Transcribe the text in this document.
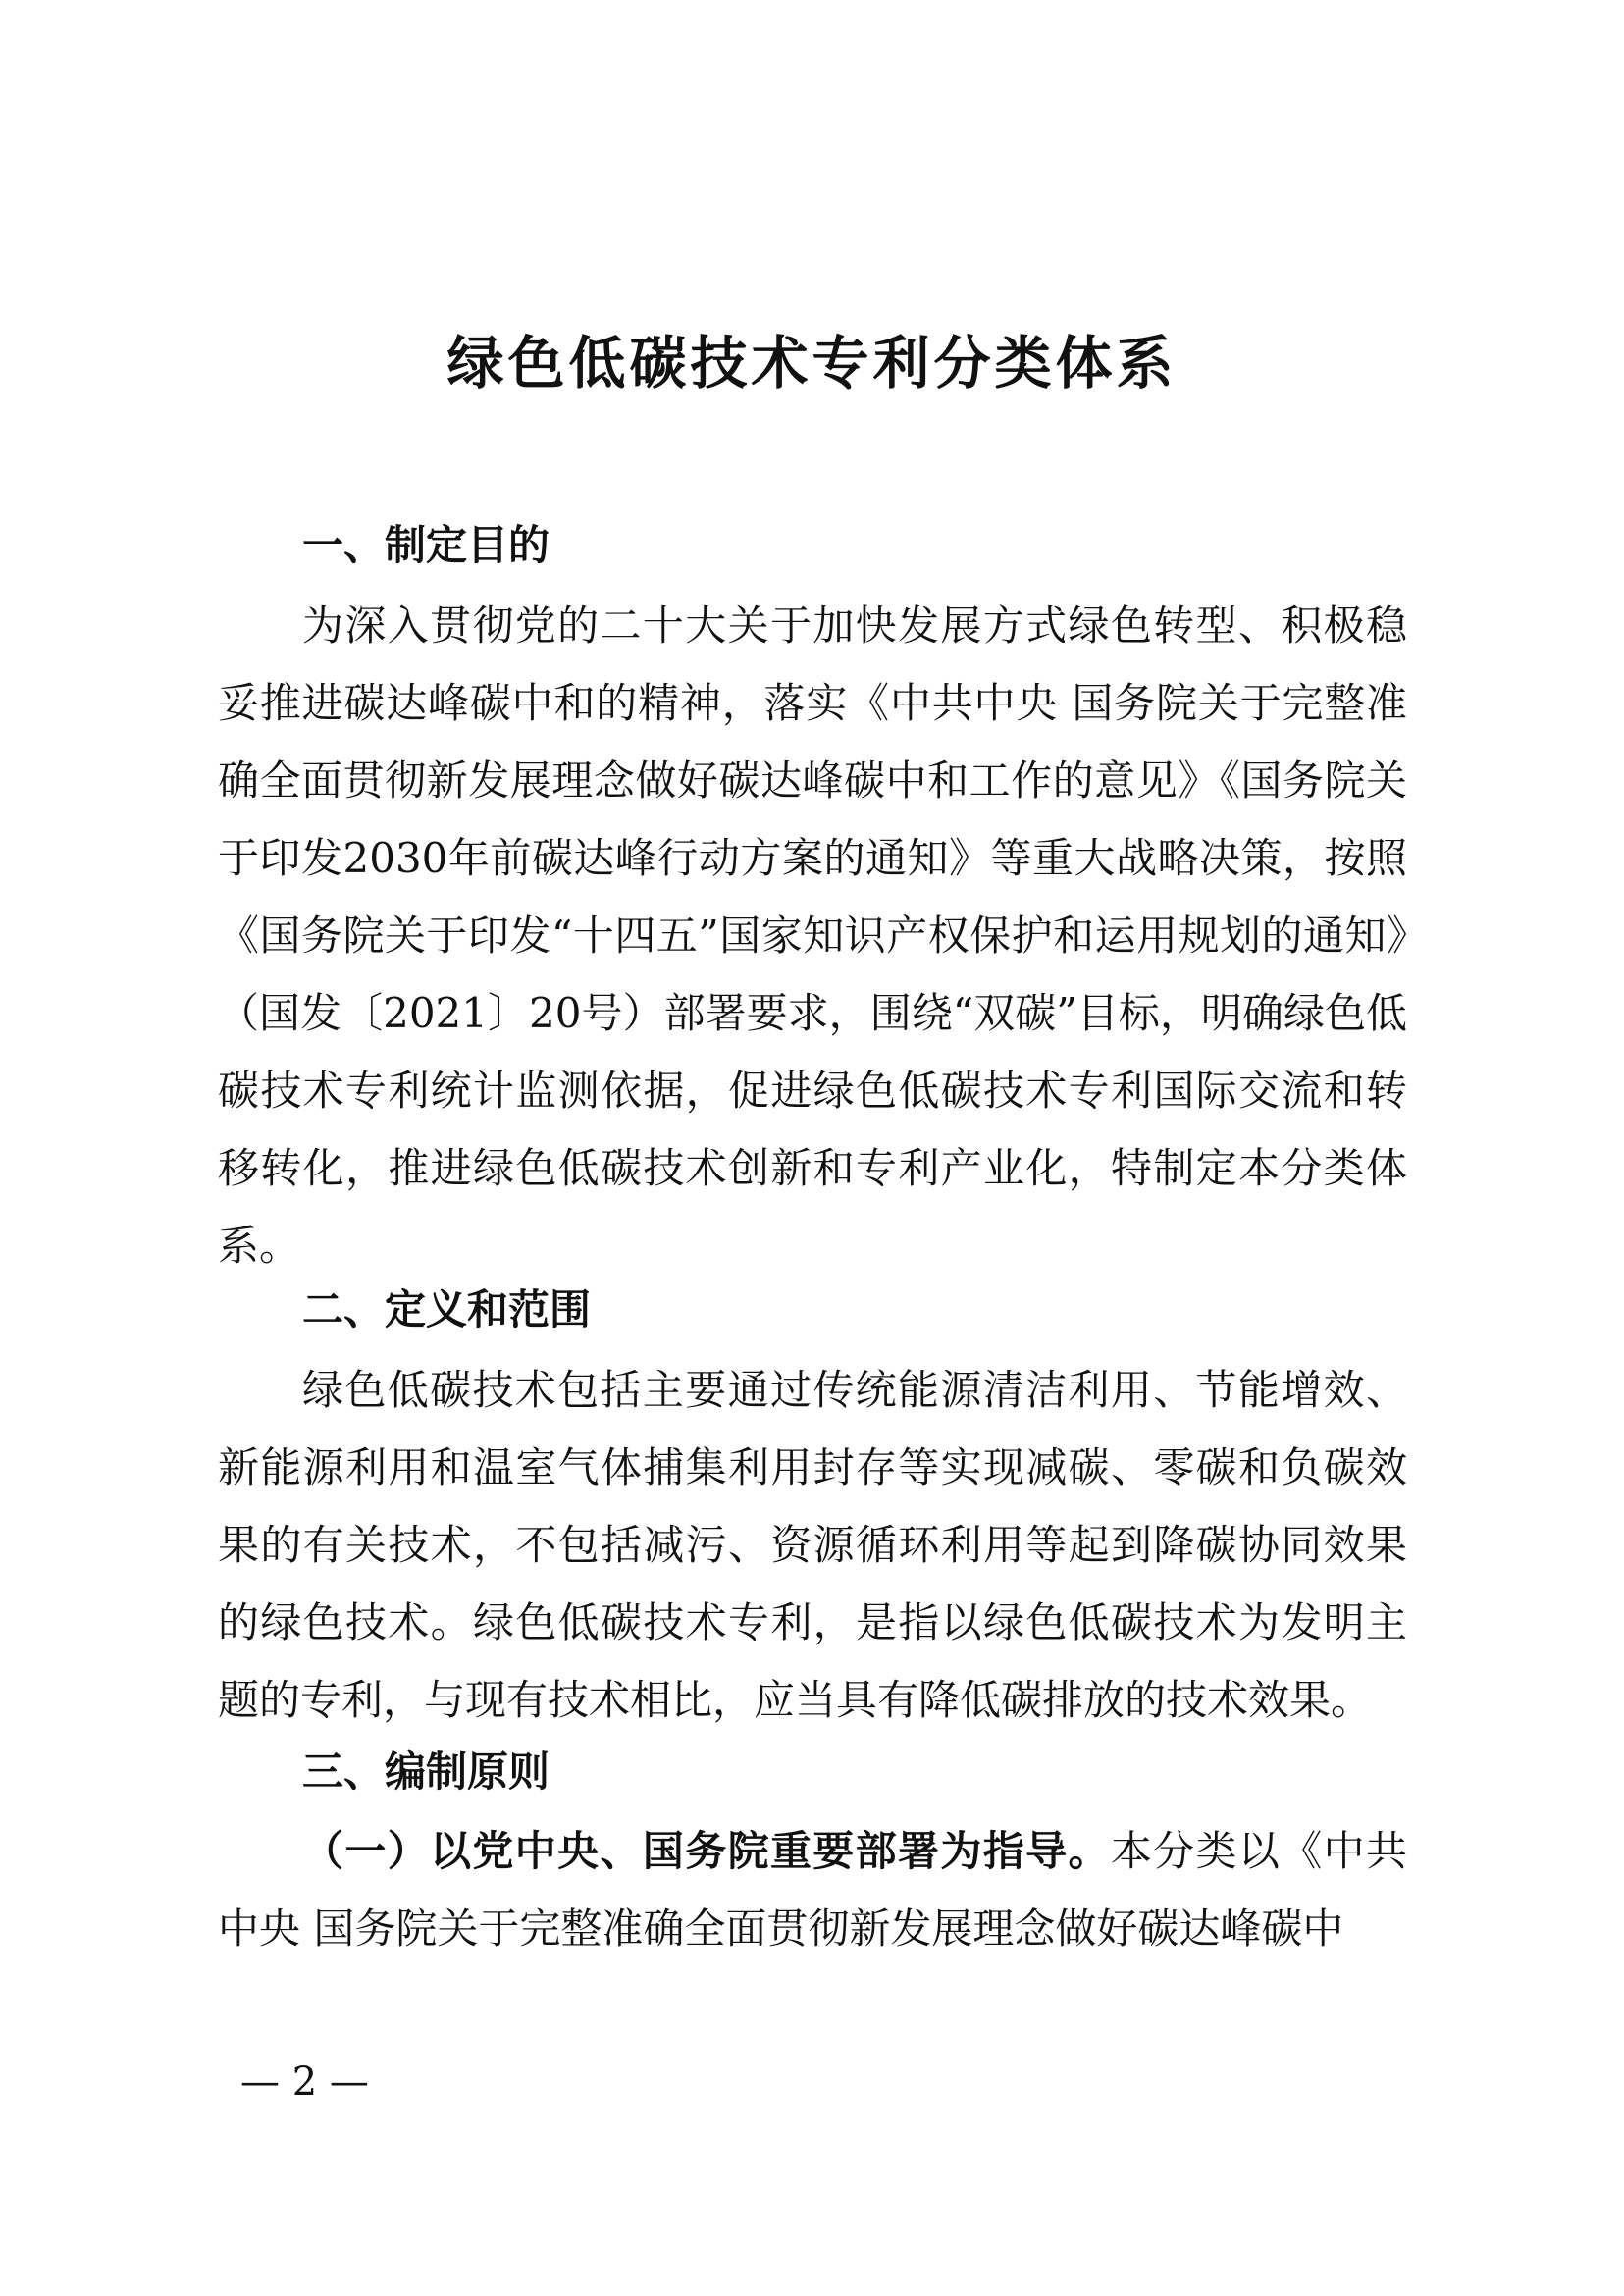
绿色低碳技术专利分类体系
一、制定目的

为深入贯彻党的二十大关于加快发展方式绿色转型、积极稳妥推进碳达峰碳中和的精神，落实《中共中央 国务院关于完整准确全面贯彻新发展理念做好碳达峰碳中和工作的意见》《国务院关于印发2030年前碳达峰行动方案的通知》等重大战略决策，按照《国务院关于印发“十四五”国家知识产权保护和运用规划的通知》（国发〔2021〕20号）部署要求，围绕“双碳”目标，明确绿色低碳技术专利统计监测依据，促进绿色低碳技术专利国际交流和转移转化，推进绿色低碳技术创新和专利产业化，特制定本分类体系。

二、定义和范围

绿色低碳技术包括主要通过传统能源清洁利用、节能增效、新能源利用和温室气体捕集利用封存等实现减碳、零碳和负碳效果的有关技术，不包括减污、资源循环利用等起到降碳协同效果的绿色技术。绿色低碳技术专利，是指以绿色低碳技术为发明主题的专利，与现有技术相比，应当具有降低碳排放的技术效果。

三、编制原则

（一）以党中央、国务院重要部署为指导。本分类以《中共中央 国务院关于完整准确全面贯彻新发展理念做好碳达峰碳中

— 2 —
